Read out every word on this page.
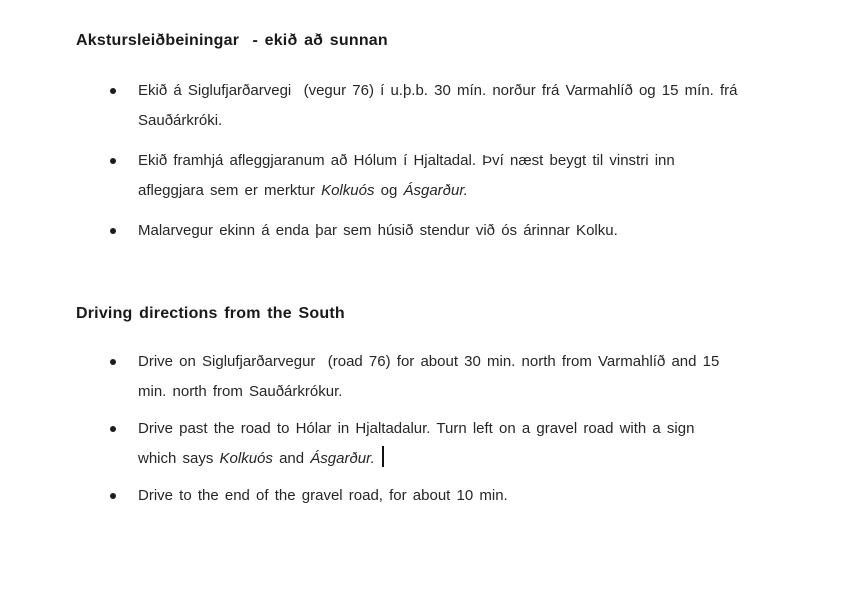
Akstursleiðbeiningar  - ekið að sunnan
Ekið á Siglufjarðarvegi  (vegur 76) í u.þ.b. 30 mín. norður frá Varmahlíð og 15 mín. frá
Sauðárkróki.
Ekið framhjá afleggjaranum að Hólum í Hjaltadal. Því næst beygt til vinstri inn
afleggjara sem er merktur Kolkuós og Ásgarður.
Malarvegur ekinn á enda þar sem húsið stendur við ós árinnar Kolku.
Driving directions from the South
Drive on Siglufjarðarvegur  (road 76) for about 30 min. north from Varmahlíð and 15
min. north from Sauðárkrókur.
Drive past the road to Hólar in Hjaltadalur. Turn left on a gravel road with a sign
which says Kolkuós and Ásgarður.
Drive to the end of the gravel road, for about 10 min.
